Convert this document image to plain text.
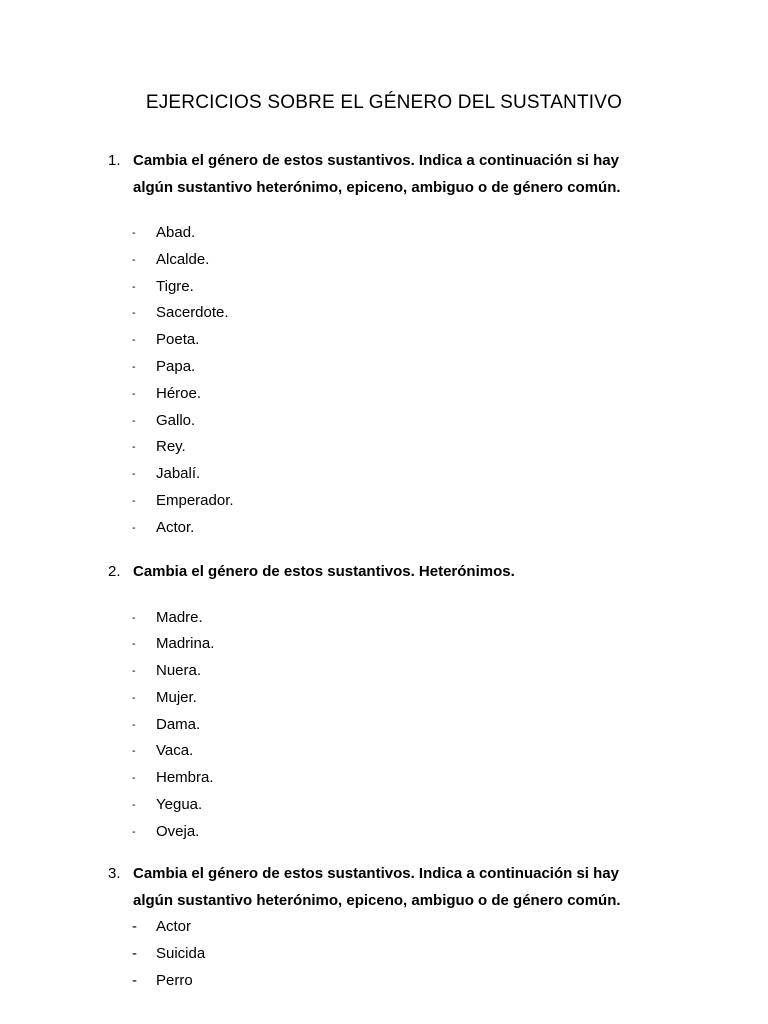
EJERCICIOS SOBRE EL GÉNERO DEL SUSTANTIVO
1. Cambia el género de estos sustantivos. Indica a continuación si hay
algún sustantivo heterónimo, epiceno, ambiguo o de género común.
- Abad.
- Alcalde.
- Tigre.
- Sacerdote.
- Poeta.
- Papa.
- Héroe.
- Gallo.
- Rey.
- Jabalí.
- Emperador.
- Actor.
2. Cambia el género de estos sustantivos. Heterónimos.
- Madre.
- Madrina.
- Nuera.
- Mujer.
- Dama.
- Vaca.
- Hembra.
- Yegua.
- Oveja.
3. Cambia el género de estos sustantivos. Indica a continuación si hay
algún sustantivo heterónimo, epiceno, ambiguo o de género común.
- Actor
- Suicida
- Perro
